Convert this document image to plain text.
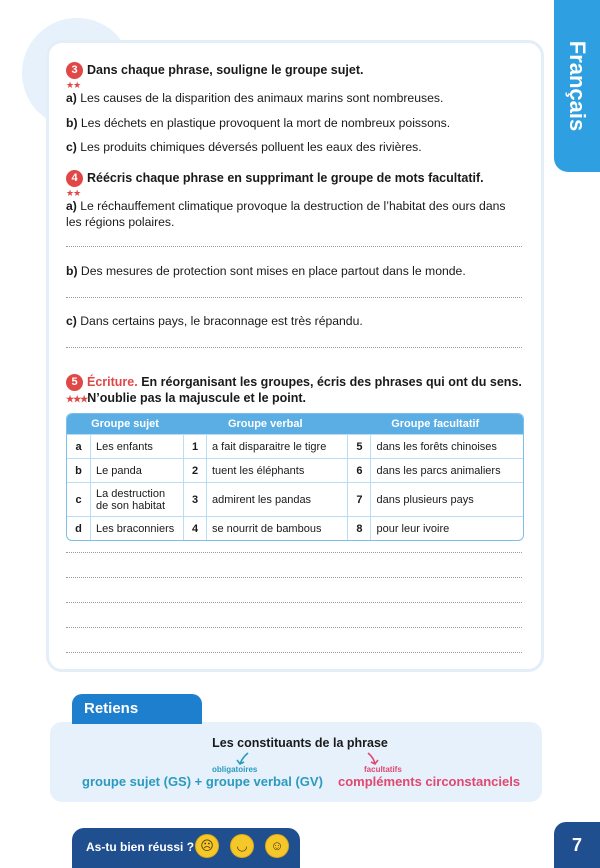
Français
3 Dans chaque phrase, souligne le groupe sujet.
★★
a) Les causes de la disparition des animaux marins sont nombreuses.
b) Les déchets en plastique provoquent la mort de nombreux poissons.
c) Les produits chimiques déversés polluent les eaux des rivières.
4 Réécris chaque phrase en supprimant le groupe de mots facultatif.
★★
a) Le réchauffement climatique provoque la destruction de l’habitat des ours dans les régions polaires.
b) Des mesures de protection sont mises en place partout dans le monde.
c) Dans certains pays, le braconnage est très répandu.
5 Écriture. En réorganisant les groupes, écris des phrases qui ont du sens.
★★★N’oublie pas la majuscule et le point.
Groupe sujet		Groupe verbal		Groupe facultatif	
a	Les enfants	1	a fait disparaitre le tigre	5	dans les forêts chinoises
b	Le panda	2	tuent les éléphants	6	dans les parcs animaliers
c	La destruction de son habitat	3	admirent les pandas	7	dans plusieurs pays
d	Les braconniers	4	se nourrit de bambous	8	pour leur ivoire
Retiens
Les constituants de la phrase
obligatoires
groupe sujet (GS) + groupe verbal (GV)
facultatifs
compléments circonstanciels
As-tu bien réussi ? ☹	◡	☺	7
